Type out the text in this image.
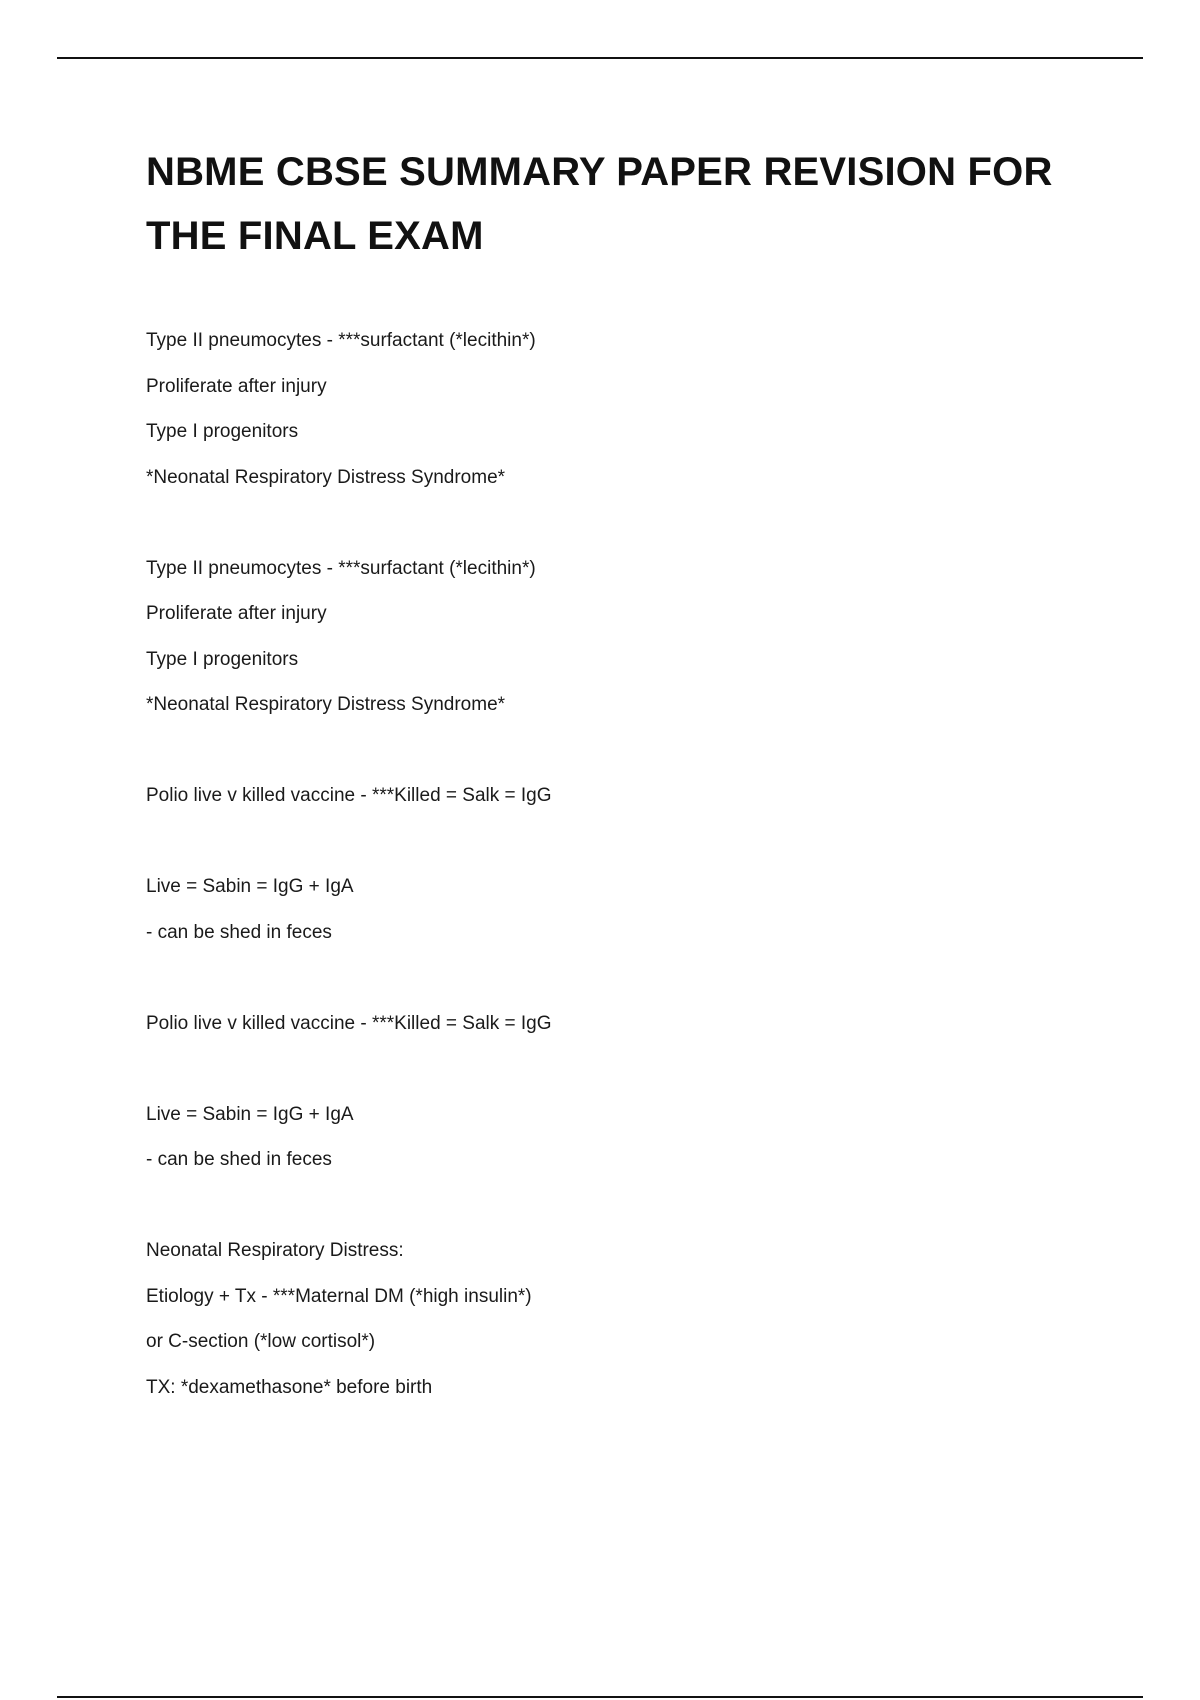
NBME CBSE SUMMARY PAPER REVISION FOR
THE FINAL EXAM
Type II pneumocytes - ***surfactant (*lecithin*)
Proliferate after injury
Type I progenitors
*Neonatal Respiratory Distress Syndrome*
Type II pneumocytes - ***surfactant (*lecithin*)
Proliferate after injury
Type I progenitors
*Neonatal Respiratory Distress Syndrome*
Polio live v killed vaccine - ***Killed = Salk = IgG
Live = Sabin = IgG + IgA
- can be shed in feces
Polio live v killed vaccine - ***Killed = Salk = IgG
Live = Sabin = IgG + IgA
- can be shed in feces
Neonatal Respiratory Distress:
Etiology + Tx - ***Maternal DM (*high insulin*)
or C-section (*low cortisol*)
TX: *dexamethasone* before birth
